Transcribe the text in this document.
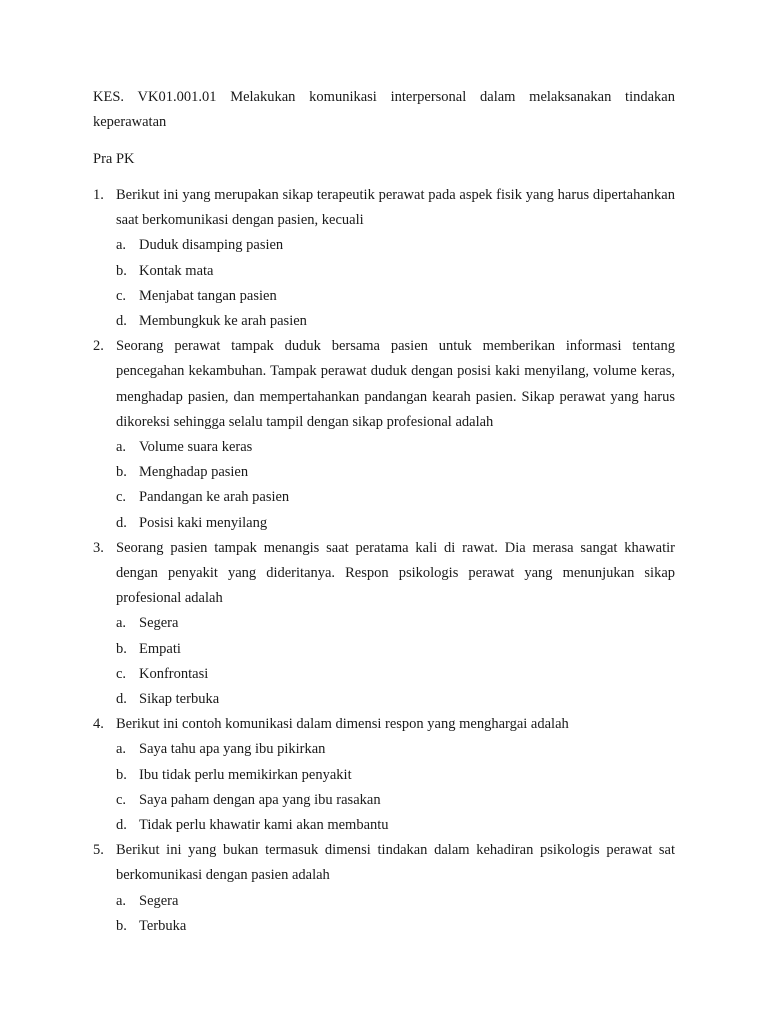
KES. VK01.001.01 Melakukan komunikasi interpersonal dalam melaksanakan tindakan keperawatan

Pra PK

1. Berikut ini yang merupakan sikap terapeutik perawat pada aspek fisik yang harus dipertahankan saat berkomunikasi dengan pasien, kecuali

a. Duduk disamping pasien
b. Kontak mata
c. Menjabat tangan pasien
d. Membungkuk ke arah pasien
2. Seorang perawat tampak duduk bersama pasien untuk memberikan informasi tentang pencegahan kekambuhan. Tampak perawat duduk dengan posisi kaki menyilang, volume keras, menghadap pasien, dan mempertahankan pandangan kearah pasien. Sikap perawat yang harus dikoreksi sehingga selalu tampil dengan sikap profesional adalah

a. Volume suara keras
b. Menghadap pasien
c. Pandangan ke arah pasien
d. Posisi kaki menyilang
3. Seorang pasien tampak menangis saat peratama kali di rawat. Dia merasa sangat khawatir dengan penyakit yang dideritanya. Respon psikologis perawat yang menunjukan sikap profesional adalah

a. Segera
b. Empati
c. Konfrontasi
d. Sikap terbuka
4. Berikut ini contoh komunikasi dalam dimensi respon yang menghargai adalah

a. Saya tahu apa yang ibu pikirkan
b. Ibu tidak perlu memikirkan penyakit
c. Saya paham dengan apa yang ibu rasakan
d. Tidak perlu khawatir kami akan membantu
5. Berikut ini yang bukan termasuk dimensi tindakan dalam kehadiran psikologis perawat sat berkomunikasi dengan pasien adalah

a. Segera
b. Terbuka
